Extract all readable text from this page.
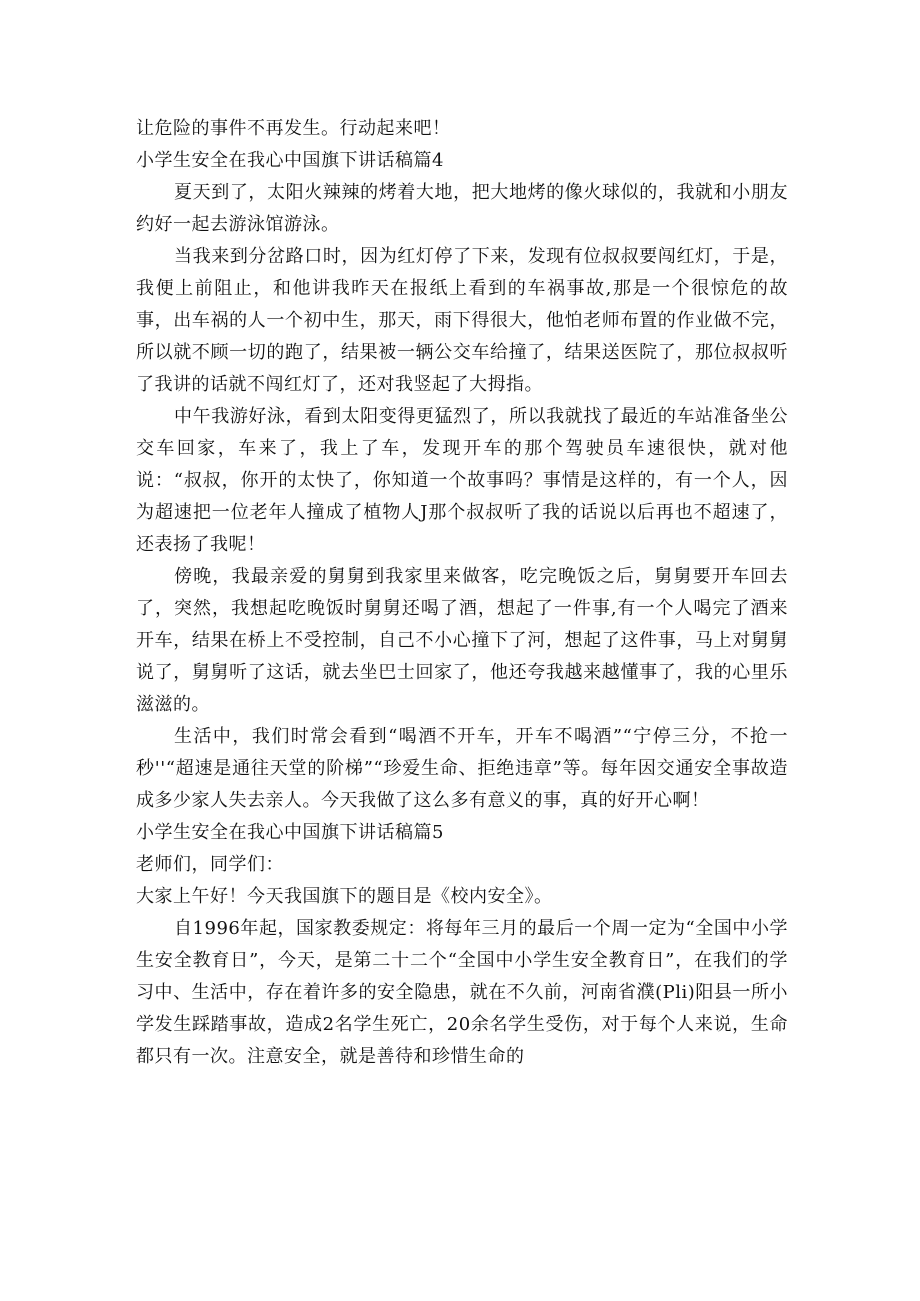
让危险的事件不再发生。行动起来吧！

小学生安全在我心中国旗下讲话稿篇4

夏天到了，太阳火辣辣的烤着大地，把大地烤的像火球似的，我就和小朋友约好一起去游泳馆游泳。

当我来到分岔路口时，因为红灯停了下来，发现有位叔叔要闯红灯，于是，我便上前阻止，和他讲我昨天在报纸上看到的车祸事故,那是一个很惊危的故事，出车祸的人一个初中生，那天，雨下得很大，他怕老师布置的作业做不完，所以就不顾一切的跑了，结果被一辆公交车给撞了，结果送医院了，那位叔叔听了我讲的话就不闯红灯了，还对我竖起了大拇指。

中午我游好泳，看到太阳变得更猛烈了，所以我就找了最近的车站准备坐公交车回家，车来了，我上了车，发现开车的那个驾驶员车速很快，就对他说：“叔叔，你开的太快了，你知道一个故事吗？事情是这样的，有一个人，因为超速把一位老年人撞成了植物人J那个叔叔听了我的话说以后再也不超速了，还表扬了我呢！

傍晚，我最亲爱的舅舅到我家里来做客，吃完晚饭之后，舅舅要开车回去了，突然，我想起吃晚饭时舅舅还喝了酒，想起了一件事,有一个人喝完了酒来开车，结果在桥上不受控制，自己不小心撞下了河，想起了这件事，马上对舅舅说了，舅舅听了这话，就去坐巴士回家了，他还夸我越来越懂事了，我的心里乐滋滋的。

生活中，我们时常会看到“喝酒不开车，开车不喝酒”“宁停三分，不抢一秒''“超速是通往天堂的阶梯”“珍爱生命、拒绝违章”等。每年因交通安全事故造成多少家人失去亲人。今天我做了这么多有意义的事，真的好开心啊！

小学生安全在我心中国旗下讲话稿篇5

老师们，同学们：

大家上午好！今天我国旗下的题目是《校内安全》。

自1996年起，国家教委规定：将每年三月的最后一个周一定为“全国中小学生安全教育日”，今天，是第二十二个“全国中小学生安全教育日”，在我们的学习中、生活中，存在着许多的安全隐患，就在不久前，河南省濮(Pli)阳县一所小学发生踩踏事故，造成2名学生死亡，20余名学生受伤，对于每个人来说，生命都只有一次。注意安全，就是善待和珍惜生命的
